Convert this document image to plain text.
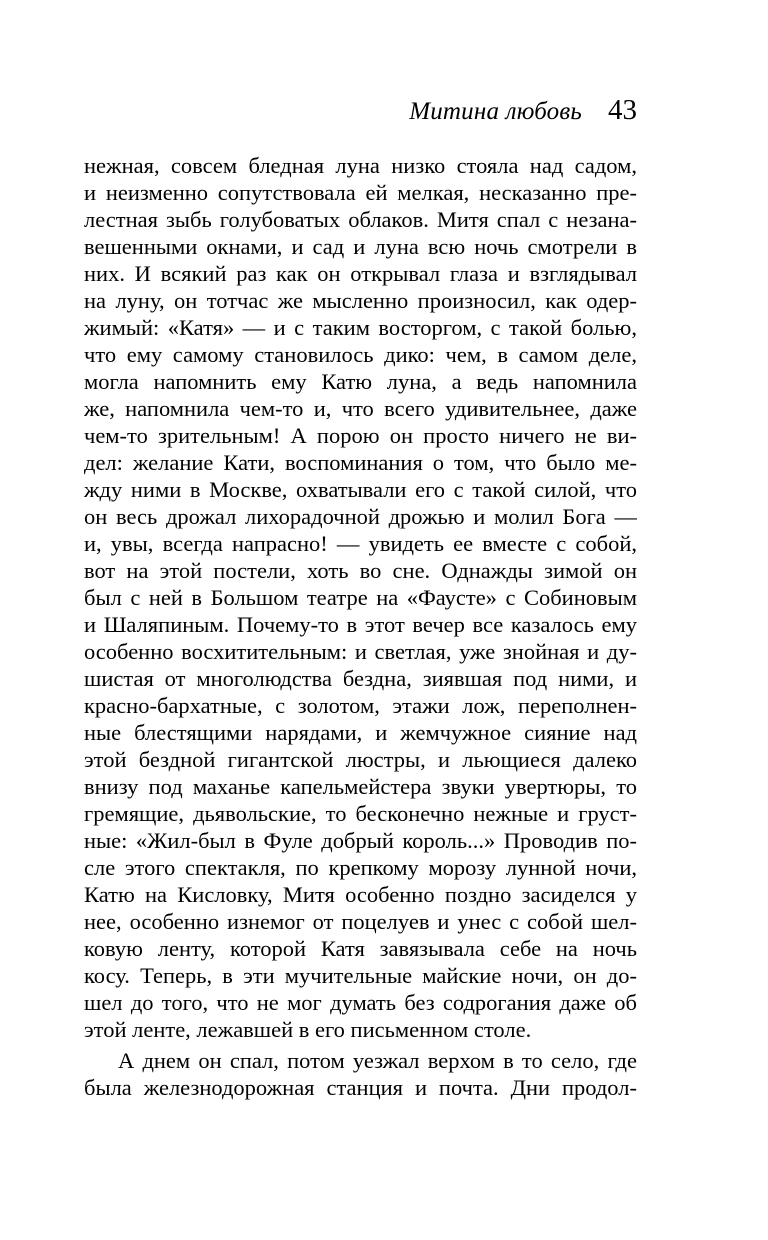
Митина любовь 43
нежная, совсем бледная луна низко стояла над садом,
и неизменно сопутствовала ей мелкая, несказанно пре-
лестная зыбь голубоватых облаков. Митя спал с незана-
вешенными окнами, и сад и луна всю ночь смотрели в
них. И всякий раз как он открывал глаза и взглядывал
на луну, он тотчас же мысленно произносил, как одер-
жимый: «Катя» — и с таким восторгом, с такой болью,
что ему самому становилось дико: чем, в самом деле,
могла напомнить ему Катю луна, а ведь напомнила
же, напомнила чем-то и, что всего удивительнее, даже
чем-то зрительным! А порою он просто ничего не ви-
дел: желание Кати, воспоминания о том, что было ме-
жду ними в Москве, охватывали его с такой силой, что
он весь дрожал лихорадочной дрожью и молил Бога —
и, увы, всегда напрасно! — увидеть ее вместе с собой,
вот на этой постели, хоть во сне. Однажды зимой он
был с ней в Большом театре на «Фаусте» с Собиновым
и Шаляпиным. Почему-то в этот вечер все казалось ему
особенно восхитительным: и светлая, уже знойная и ду-
шистая от многолюдства бездна, зиявшая под ними, и
красно-бархатные, с золотом, этажи лож, переполнен-
ные блестящими нарядами, и жемчужное сияние над
этой бездной гигантской люстры, и льющиеся далеко
внизу под маханье капельмейстера звуки увертюры, то
гремящие, дьявольские, то бесконечно нежные и груст-
ные: «Жил-был в Фуле добрый король...» Проводив по-
сле этого спектакля, по крепкому морозу лунной ночи,
Катю на Кисловку, Митя особенно поздно засиделся у
нее, особенно изнемог от поцелуев и унес с собой шел-
ковую ленту, которой Катя завязывала себе на ночь
косу. Теперь, в эти мучительные майские ночи, он до-
шел до того, что не мог думать без содрогания даже об
этой ленте, лежавшей в его письменном столе.
А днем он спал, потом уезжал верхом в то село, где
была железнодорожная станция и почта. Дни продол-
